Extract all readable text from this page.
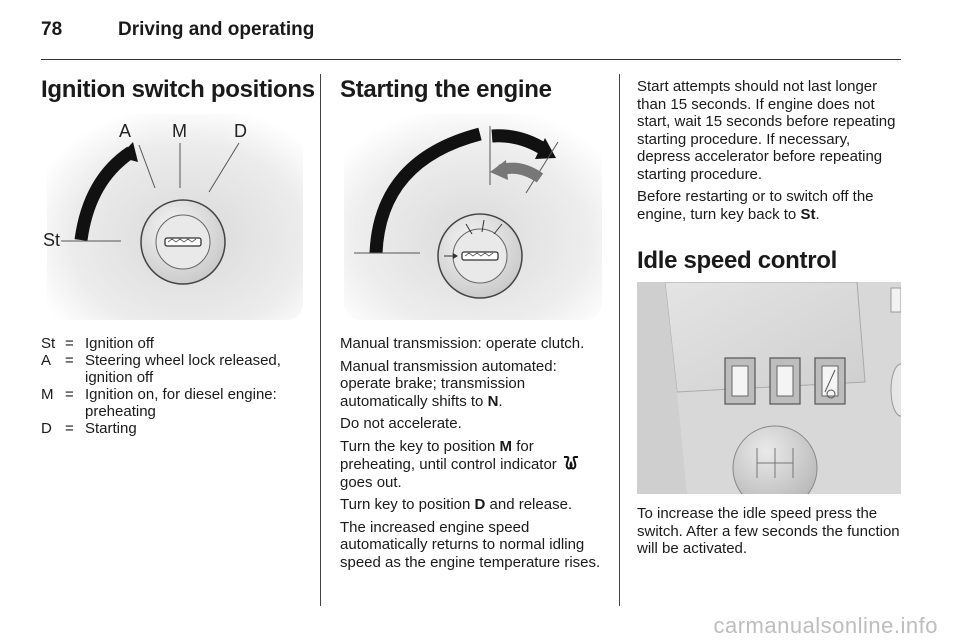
78	Driving and operating
Ignition switch positions
A M	D
St
St = Ignition off
A = Steering wheel lock released, ignition off
M = Ignition on, for diesel engine: preheating
D = Starting
Starting the engine

Manual transmission: operate clutch.

Manual transmission automated: operate brake; transmission automatically shifts to N.

Do not accelerate.

Turn the key to position M for preheating, until control indicator  goes out.

Turn key to position D and release.

The increased engine speed automatically returns to normal idling speed as the engine temperature rises.

Start attempts should not last longer than 15 seconds. If engine does not start, wait 15 seconds before repeating starting procedure. If necessary, depress accelerator before repeating starting procedure.

Before restarting or to switch off the engine, turn key back to St.

Idle speed control

To increase the idle speed press the switch. After a few seconds the function will be activated.

carmanualsonline.info
